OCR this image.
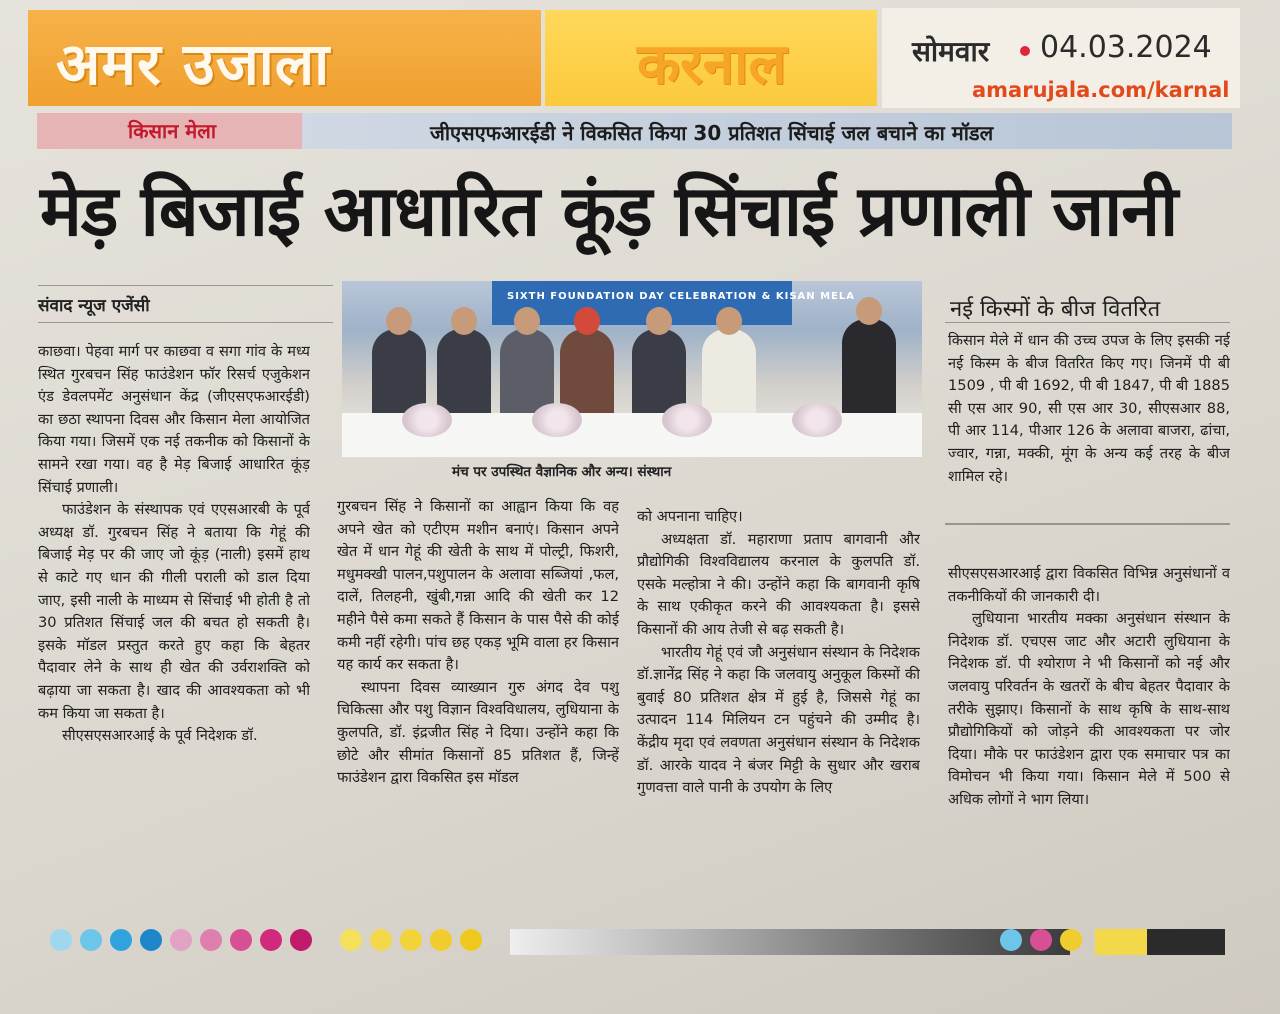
अमर उजाला	करनाल	सोमवार 04.03.2024
amarujala.com/karnal
किसान मेला	जीएसएफआरईडी ने विकसित किया 30 प्रतिशत सिंचाई जल बचाने का मॉडल
मेड़ बिजाई आधारित कूंड़ सिंचाई प्रणाली जानी
संवाद न्यूज एजेंसी

काछवा। पेहवा मार्ग पर काछवा व सगा गांव के मध्य स्थित गुरबचन सिंह फाउंडेशन फॉर रिसर्च एजुकेशन एंड डेवलपमेंट अनुसंधान केंद्र (जीएसएफआरईडी) का छठा स्थापना दिवस और किसान मेला आयोजित किया गया। जिसमें एक नई तकनीक को किसानों के सामने रखा गया। वह है मेड़ बिजाई आधारित कूंड़ सिंचाई प्रणाली।

फाउंडेशन के संस्थापक एवं एएसआरबी के पूर्व अध्यक्ष डॉ. गुरबचन सिंह ने बताया कि गेहूं की बिजाई मेड़ पर की जाए जो कूंड़ (नाली) इसमें हाथ से काटे गए धान की गीली पराली को डाल दिया जाए, इसी नाली के माध्यम से सिंचाई भी होती है तो 30 प्रतिशत सिंचाई जल की बचत हो सकती है। इसके मॉडल प्रस्तुत करते हुए कहा कि बेहतर पैदावार लेने के साथ ही खेत की उर्वराशक्ति को बढ़ाया जा सकता है। खाद की आवश्यकता को भी कम किया जा सकता है।

सीएसएसआरआई के पूर्व निदेशक डॉ.

SIXTH FOUNDATION DAY CELEBRATION & KISAN MELA
मंच पर उपस्थित वैज्ञानिक और अन्य। संस्थान

गुरबचन सिंह ने किसानों का आह्वान किया कि वह अपने खेत को एटीएम मशीन बनाएं। किसान अपने खेत में धान गेहूं की खेती के साथ में पोल्ट्री, फिशरी, मधुमक्खी पालन,पशुपालन के अलावा सब्जियां ,फल, दालें, तिलहनी, खुंबी,गन्ना आदि की खेती कर 12 महीने पैसे कमा सकते हैं किसान के पास पैसे की कोई कमी नहीं रहेगी। पांच छह एकड़ भूमि वाला हर किसान यह कार्य कर सकता है।

स्थापना दिवस व्याख्यान गुरु अंगद देव पशु चिकित्सा और पशु विज्ञान विश्वविधालय, लुधियाना के कुलपति, डॉ. इंद्रजीत सिंह ने दिया। उन्होंने कहा कि छोटे और सीमांत किसानों 85 प्रतिशत हैं, जिन्हें फाउंडेशन द्वारा विकसित इस मॉडल

को अपनाना चाहिए।

अध्यक्षता डॉ. महाराणा प्रताप बागवानी और प्रौद्योगिकी विश्वविद्यालय करनाल के कुलपति डॉ. एसके मल्होत्रा ने की। उन्होंने कहा कि बागवानी कृषि के साथ एकीकृत करने की आवश्यकता है। इससे किसानों की आय तेजी से बढ़ सकती है।

भारतीय गेहूं एवं जौ अनुसंधान संस्थान के निदेशक डॉ.ज्ञानेंद्र सिंह ने कहा कि जलवायु अनुकूल किस्मों की बुवाई 80 प्रतिशत क्षेत्र में हुई है, जिससे गेहूं का उत्पादन 114 मिलियन टन पहुंचने की उम्मीद है। केंद्रीय मृदा एवं लवणता अनुसंधान संस्थान के निदेशक डॉ. आरके यादव ने बंजर मिट्टी के सुधार और खराब गुणवत्ता वाले पानी के उपयोग के लिए

नई किस्मों के बीज वितरित

किसान मेले में धान की उच्च उपज के लिए इसकी नई नई किस्म के बीज वितरित किए गए। जिनमें पी बी 1509 , पी बी 1692, पी बी 1847, पी बी 1885 सी एस आर 90, सी एस आर 30, सीएसआर 88, पी आर 114, पीआर 126 के अलावा बाजरा, ढांचा, ज्वार, गन्ना, मक्की, मूंग के अन्य कई तरह के बीज शामिल रहे।

सीएसएसआरआई द्वारा विकसित विभिन्न अनुसंधानों व तकनीकियों की जानकारी दी।

लुधियाना भारतीय मक्का अनुसंधान संस्थान के निदेशक डॉ. एचएस जाट और अटारी लुधियाना के निदेशक डॉ. पी श्योराण ने भी किसानों को नई और जलवायु परिवर्तन के खतरों के बीच बेहतर पैदावार के तरीके सुझाए। किसानों के साथ कृषि के साथ-साथ प्रौद्योगिकियों को जोड़ने की आवश्यकता पर जोर दिया। मौके पर फाउंडेशन द्वारा एक समाचार पत्र का विमोचन भी किया गया। किसान मेले में 500 से अधिक लोगों ने भाग लिया।
